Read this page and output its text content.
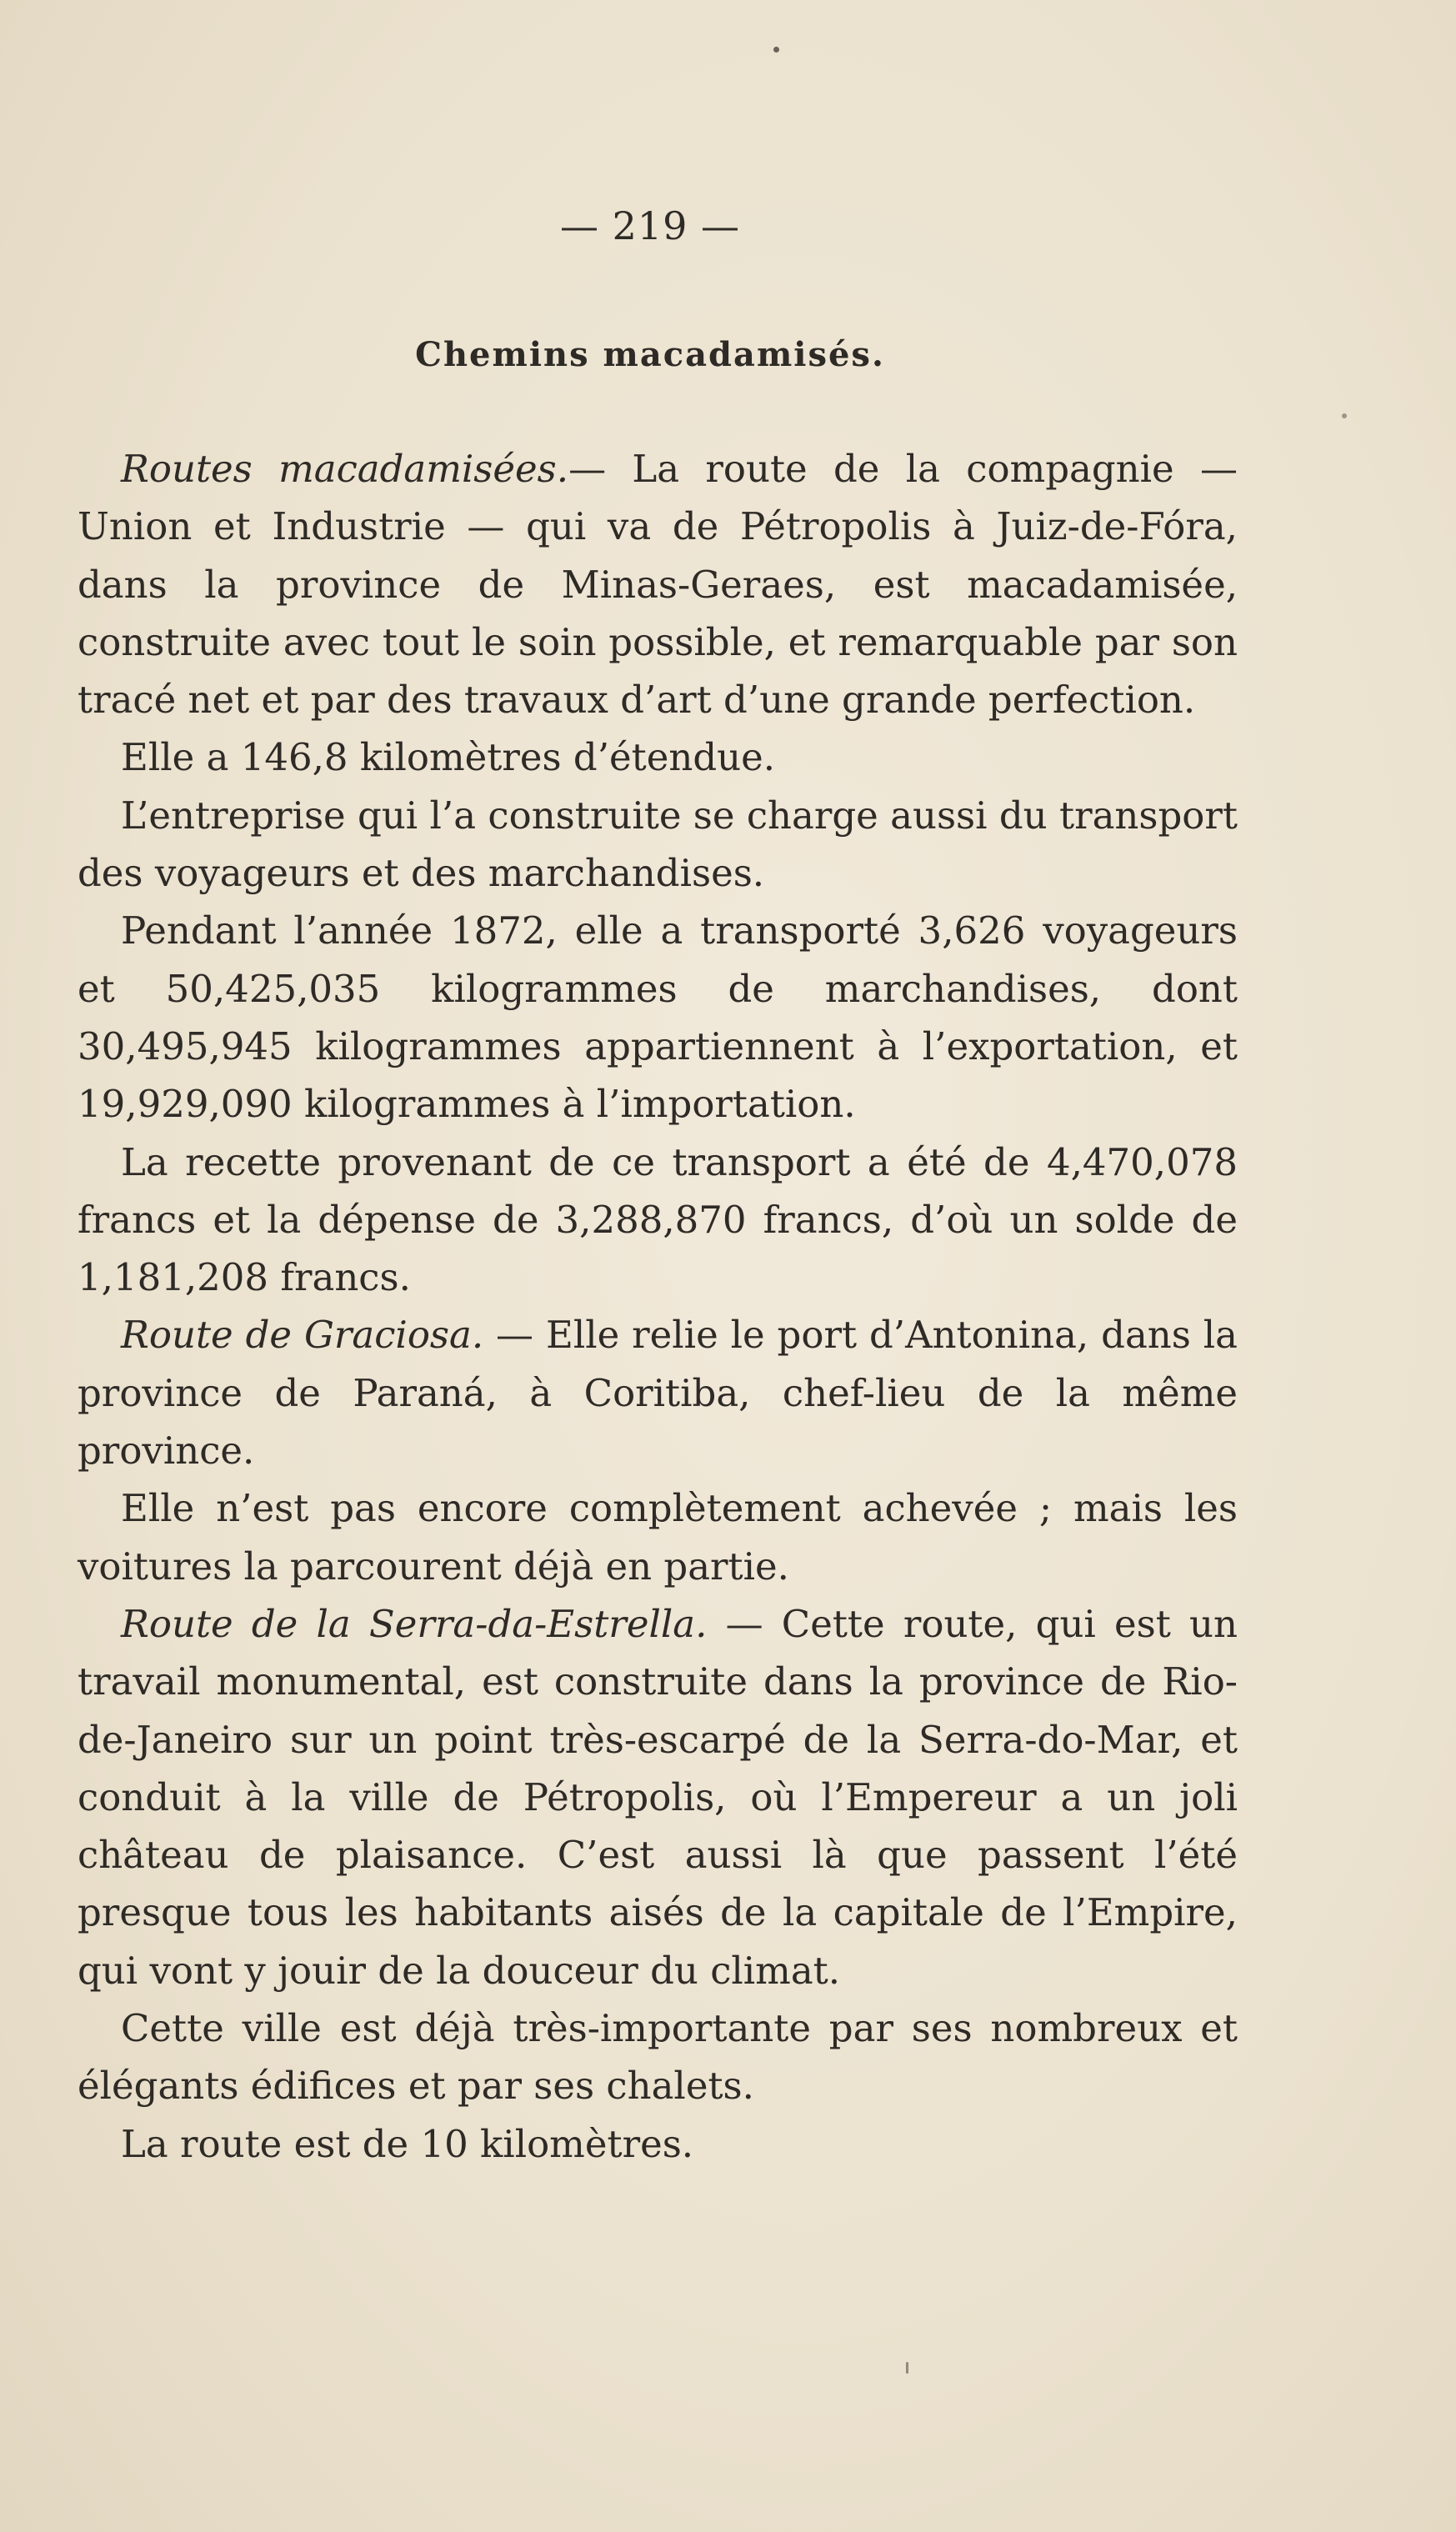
— 219 —
Chemins macadamisés.

Routes macadamisées.— La route de la compagnie — Union et Industrie — qui va de Pétropolis à Juiz-de-Fóra, dans la province de Minas-Geraes, est macadamisée, construite avec tout le soin possible, et remarquable par son tracé net et par des travaux d’art d’une grande perfection.

Elle a 146,8 kilomètres d’étendue.

L’entreprise qui l’a construite se charge aussi du transport des voyageurs et des marchandises.

Pendant l’année 1872, elle a transporté 3,626 voyageurs et 50,425,035 kilogrammes de marchandises, dont 30,495,945 kilogrammes appartiennent à l’exportation, et 19,929,090 kilogrammes à l’importation.

La recette provenant de ce transport a été de 4,470,078 francs et la dépense de 3,288,870 francs, d’où un solde de 1,181,208 francs.

Route de Graciosa. — Elle relie le port d’Antonina, dans la province de Paraná, à Coritiba, chef-lieu de la même province.

Elle n’est pas encore complètement achevée ; mais les voitures la parcourent déjà en partie.

Route de la Serra-da-Estrella. — Cette route, qui est un travail monumental, est construite dans la province de Rio-de-Janeiro sur un point très-escarpé de la Serra-do-Mar, et conduit à la ville de Pétropolis, où l’Empereur a un joli château de plaisance. C’est aussi là que passent l’été presque tous les habitants aisés de la capitale de l’Empire, qui vont y jouir de la douceur du climat.

Cette ville est déjà très-importante par ses nombreux et élégants édifices et par ses chalets.

La route est de 10 kilomètres.
